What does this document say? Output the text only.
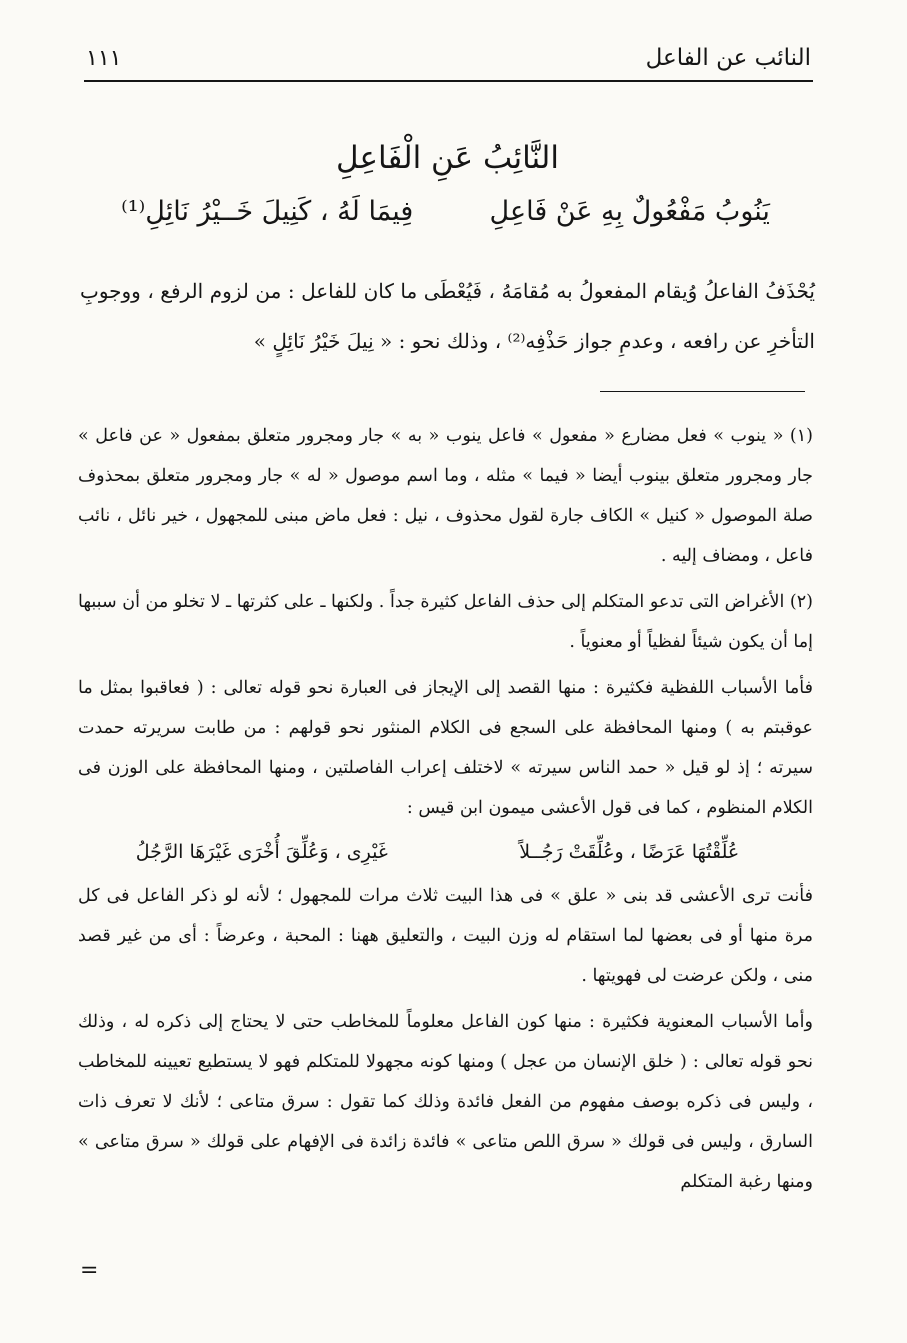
النائب عن الفاعل
١١١
النَّائِبُ عَنِ الْفَاعِلِ
يَنُوبُ مَفْعُولٌ بِهِ عَنْ فَاعِلِ
فِيمَا لَهُ ، كَنِيلَ خَــيْرُ نَائِلِ⁽¹⁾

يُحْذَفُ الفاعلُ وُيقام المفعولُ به مُقامَهُ ، فَيُعْطَى ما كان للفاعل : من لزوم الرفع ، ووجوبِ التأخرِ عن رافعه ، وعدمِ جواز حَذْفِه⁽²⁾ ، وذلك نحو : « نِيلَ خَيْرُ نَائِلٍ »

(١) « ينوب » فعل مضارع « مفعول » فاعل ينوب « به » جار ومجرور متعلق بمفعول « عن فاعل » جار ومجرور متعلق بينوب أيضا « فيما » مثله ، وما اسم موصول « له » جار ومجرور متعلق بمحذوف صلة الموصول « كنيل » الكاف جارة لقول محذوف ، نيل : فعل ماض مبنى للمجهول ، خير نائل ، نائب فاعل ، ومضاف إليه .

(٢) الأغراض التى تدعو المتكلم إلى حذف الفاعل كثيرة جداً . ولكنها ـ على كثرتها ـ لا تخلو من أن سببها إما أن يكون شيئاً لفظياً أو معنوياً .

فأما الأسباب اللفظية فكثيرة : منها القصد إلى الإيجاز فى العبارة نحو قوله تعالى : ( فعاقبوا بمثل ما عوقبتم به ) ومنها المحافظة على السجع فى الكلام المنثور نحو قولهم : من طابت سريرته حمدت سيرته ؛ إذ لو قيل « حمد الناس سيرته » لاختلف إعراب الفاصلتين ، ومنها المحافظة على الوزن فى الكلام المنظوم ، كما فى قول الأعشى ميمون ابن قيس :

عُلِّقْتُهَا عَرَضًا ، وعُلِّقَتْ رَجُــلاً
غَيْرِى ، وَعُلِّقَ أُخْرَى غَيْرَهَا الرَّجُلُ

فأنت ترى الأعشى قد بنى « علق » فى هذا البيت ثلاث مرات للمجهول ؛ لأنه لو ذكر الفاعل فى كل مرة منها أو فى بعضها لما استقام له وزن البيت ، والتعليق ههنا : المحبة ، وعرضاً : أى من غير قصد منى ، ولكن عرضت لى فهويتها .

وأما الأسباب المعنوية فكثيرة : منها كون الفاعل معلوماً للمخاطب حتى لا يحتاج إلى ذكره له ، وذلك نحو قوله تعالى : ( خلق الإنسان من عجل ) ومنها كونه مجهولا للمتكلم فهو لا يستطيع تعيينه للمخاطب ، وليس فى ذكره بوصف مفهوم من الفعل فائدة وذلك كما تقول : سرق متاعى ؛ لأنك لا تعرف ذات السارق ، وليس فى قولك « سرق اللص متاعى » فائدة زائدة فى الإفهام على قولك « سرق متاعى » ومنها رغبة المتكلم

=
